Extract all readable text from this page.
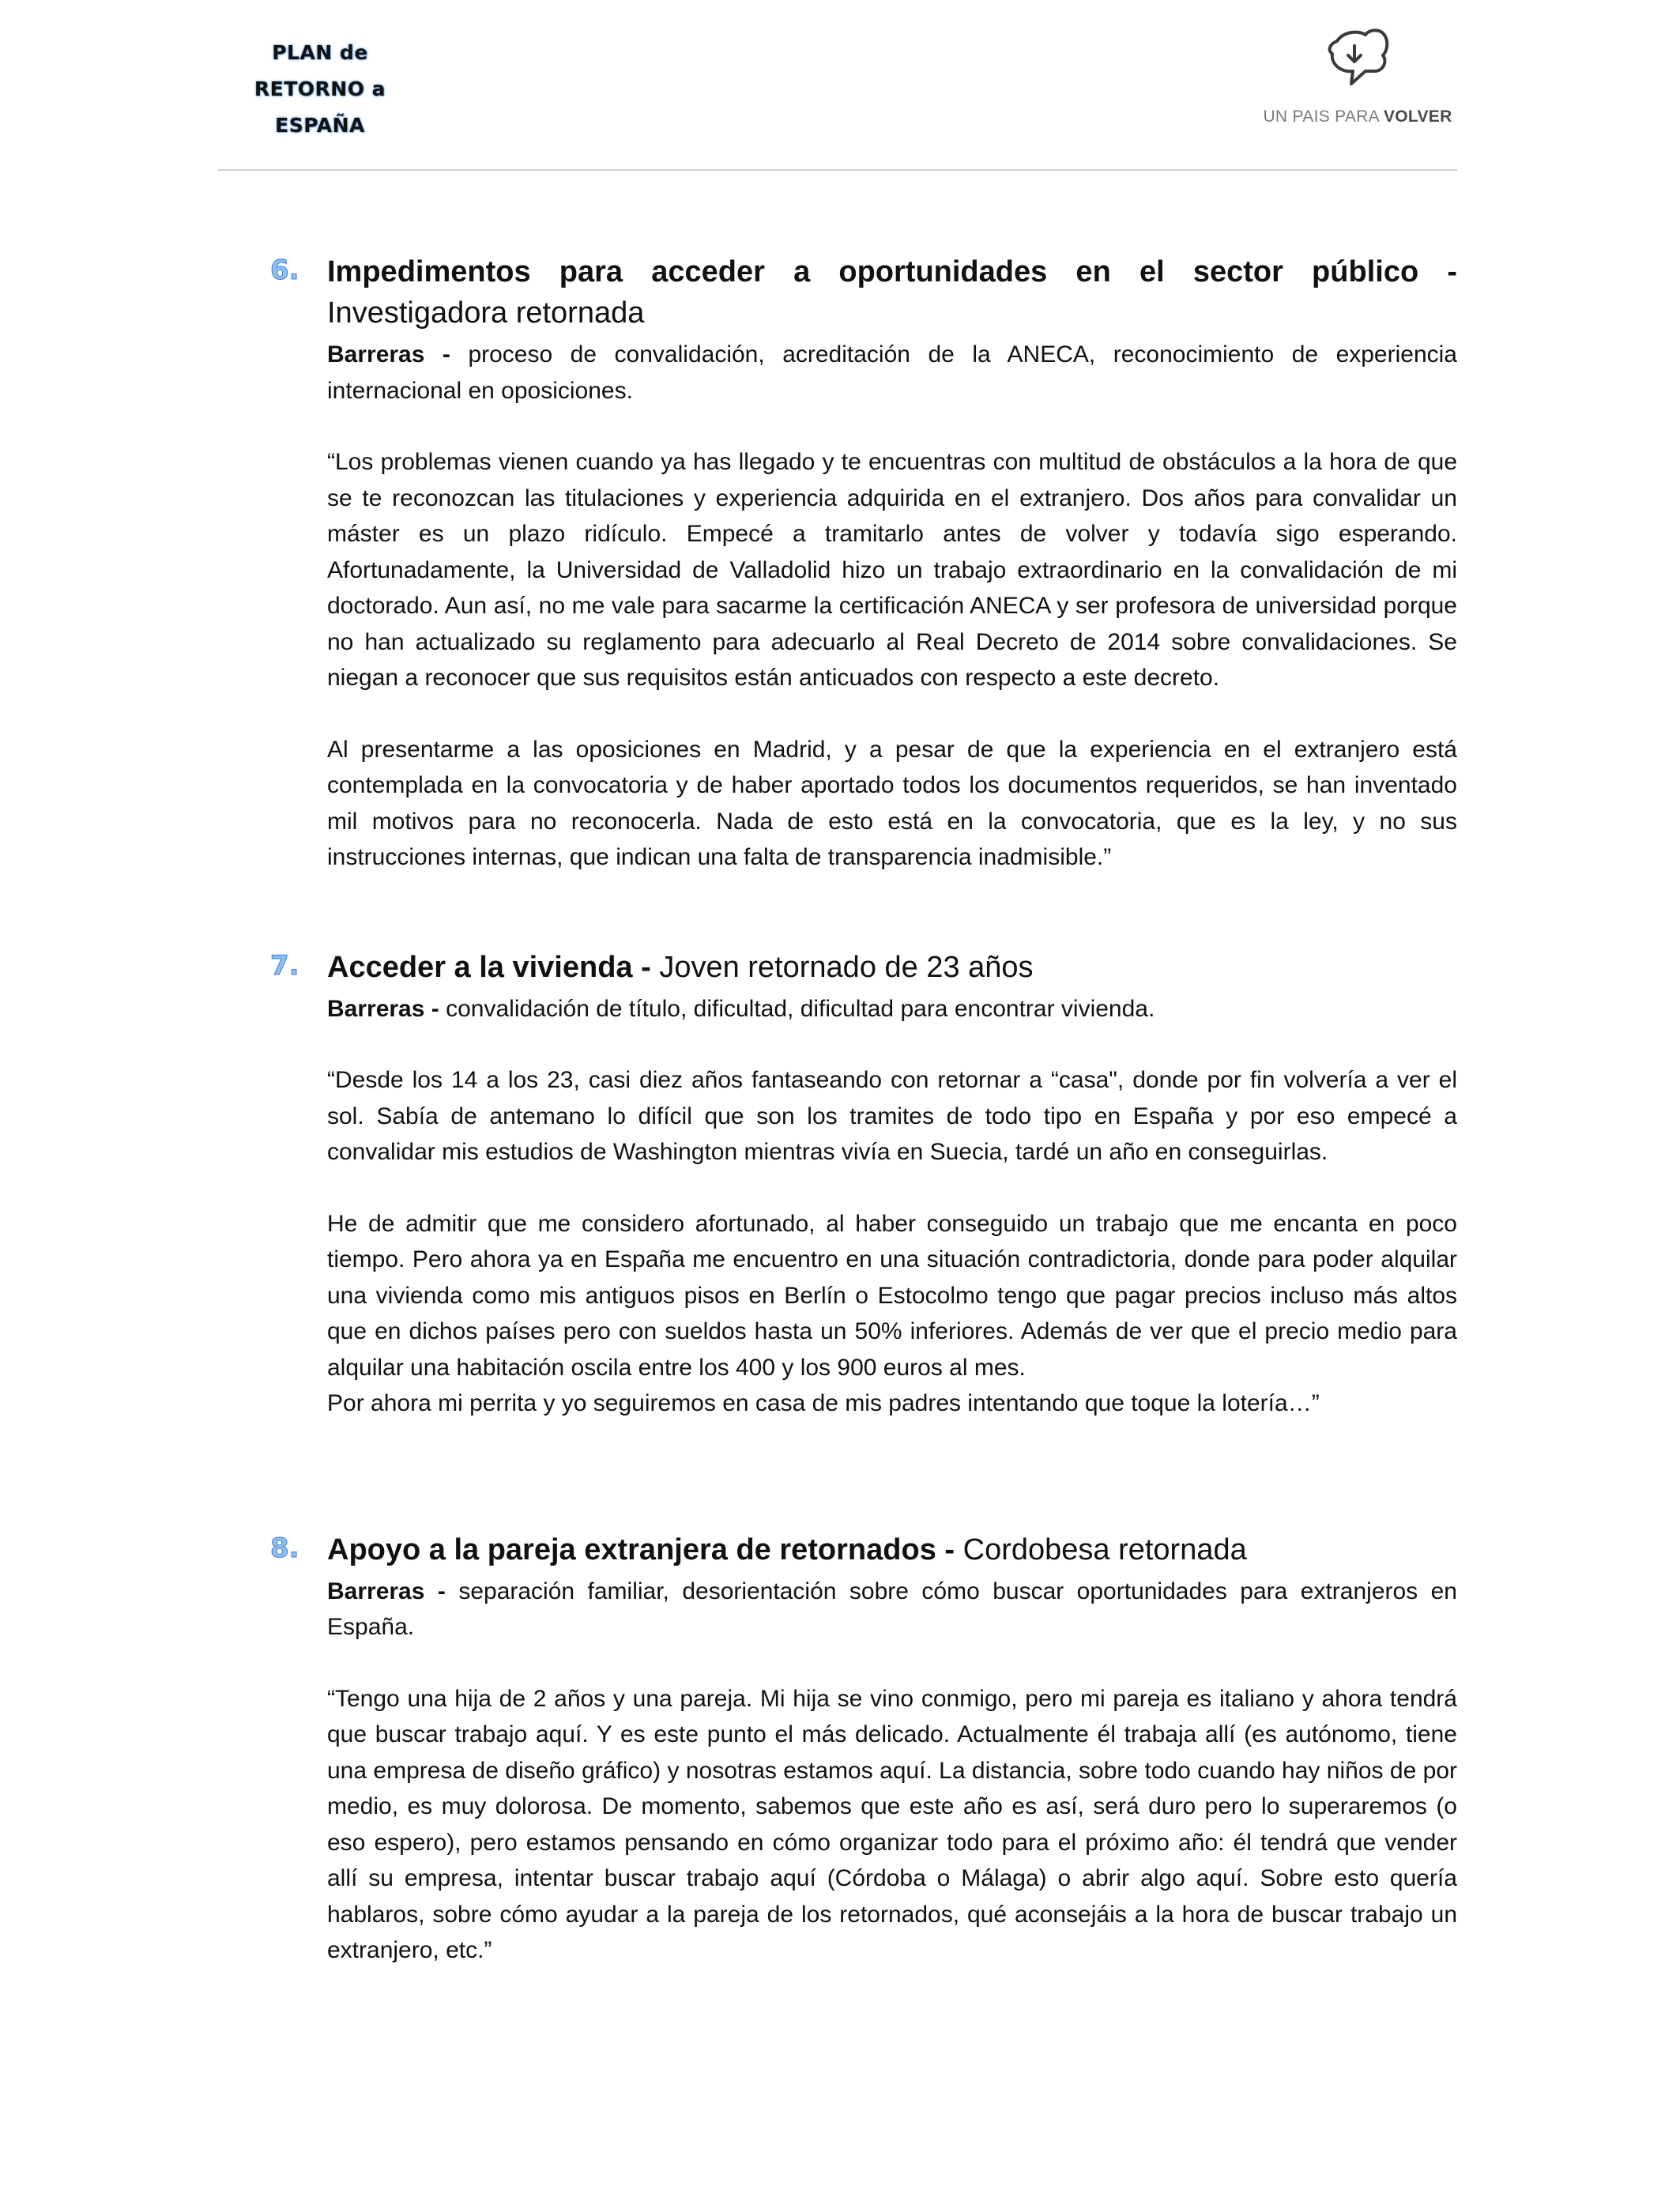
PLAN de
RETORNO a
ESPAÑA	UN PAIS PARA VOLVER
6. Impedimentos para acceder a oportunidades en el sector público -
Investigadora retornada
Barreras - proceso de convalidación, acreditación de la ANECA, reconocimiento de experiencia internacional en oposiciones.

“Los problemas vienen cuando ya has llegado y te encuentras con multitud de obstáculos a la hora de que se te reconozcan las titulaciones y experiencia adquirida en el extranjero. Dos años para convalidar un máster es un plazo ridículo. Empecé a tramitarlo antes de volver y todavía sigo esperando. Afortunadamente, la Universidad de Valladolid hizo un trabajo extraordinario en la convalidación de mi doctorado. Aun así, no me vale para sacarme la certificación ANECA y ser profesora de universidad porque no han actualizado su reglamento para adecuarlo al Real Decreto de 2014 sobre convalidaciones. Se niegan a reconocer que sus requisitos están anticuados con respecto a este decreto.

Al presentarme a las oposiciones en Madrid, y a pesar de que la experiencia en el extranjero está contemplada en la convocatoria y de haber aportado todos los documentos requeridos, se han inventado mil motivos para no reconocerla. Nada de esto está en la convocatoria, que es la ley, y no sus instrucciones internas, que indican una falta de transparencia inadmisible.”

7. Acceder a la vivienda - Joven retornado de 23 años
Barreras - convalidación de título, dificultad, dificultad para encontrar vivienda.

“Desde los 14 a los 23, casi diez años fantaseando con retornar a “casa", donde por fin volvería a ver el sol. Sabía de antemano lo difícil que son los tramites de todo tipo en España y por eso empecé a convalidar mis estudios de Washington mientras vivía en Suecia, tardé un año en conseguirlas.

He de admitir que me considero afortunado, al haber conseguido un trabajo que me encanta en poco tiempo. Pero ahora ya en España me encuentro en una situación contradictoria, donde para poder alquilar una vivienda como mis antiguos pisos en Berlín o Estocolmo tengo que pagar precios incluso más altos que en dichos países pero con sueldos hasta un 50% inferiores. Además de ver que el precio medio para alquilar una habitación oscila entre los 400 y los 900 euros al mes.

Por ahora mi perrita y yo seguiremos en casa de mis padres intentando que toque la lotería…”

8. Apoyo a la pareja extranjera de retornados - Cordobesa retornada
Barreras - separación familiar, desorientación sobre cómo buscar oportunidades para extranjeros en España.

“Tengo una hija de 2 años y una pareja. Mi hija se vino conmigo, pero mi pareja es italiano y ahora tendrá que buscar trabajo aquí. Y es este punto el más delicado. Actualmente él trabaja allí (es autónomo, tiene una empresa de diseño gráfico) y nosotras estamos aquí. La distancia, sobre todo cuando hay niños de por medio, es muy dolorosa. De momento, sabemos que este año es así, será duro pero lo superaremos (o eso espero), pero estamos pensando en cómo organizar todo para el próximo año: él tendrá que vender allí su empresa, intentar buscar trabajo aquí (Córdoba o Málaga) o abrir algo aquí. Sobre esto quería hablaros, sobre cómo ayudar a la pareja de los retornados, qué aconsejáis a la hora de buscar trabajo un extranjero, etc.”
